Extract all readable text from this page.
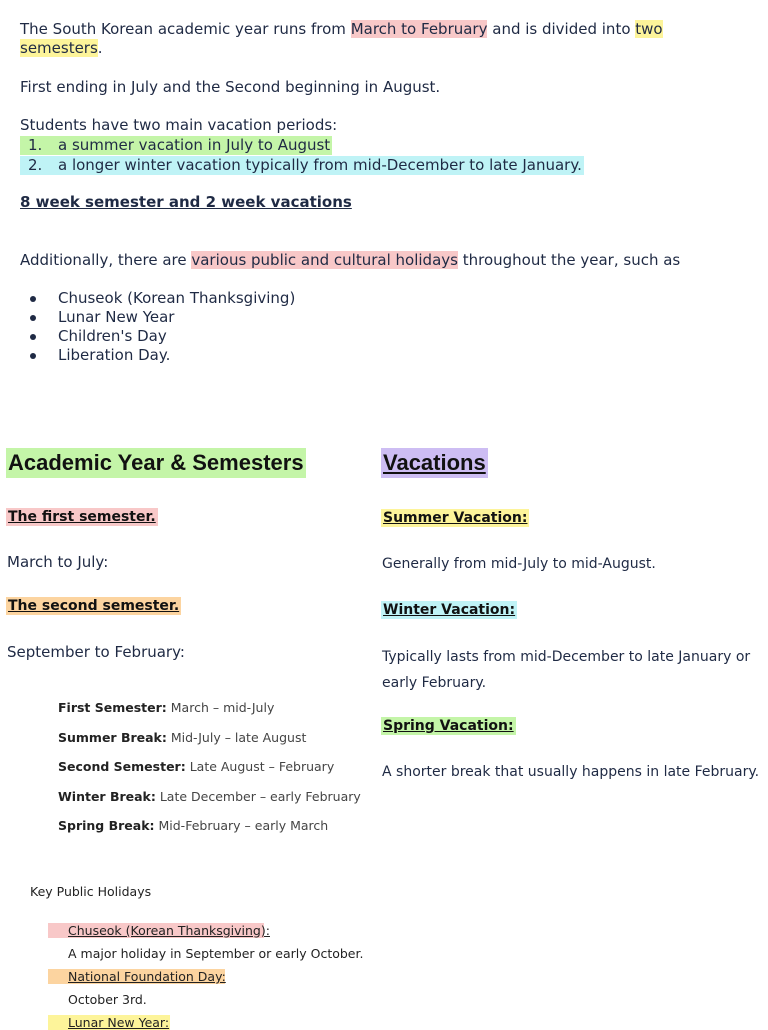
The South Korean academic year runs from March to February and is divided into two
semesters.
First ending in July and the Second beginning in August.
Students have two main vacation periods:
1. a summer vacation in July to August

2. a longer winter vacation typically from mid-December to late January.
8 week semester and 2 week vacations
Additionally, there are various public and cultural holidays throughout the year, such as
Chuseok (Korean Thanksgiving)
Lunar New Year
Children's Day
Liberation Day.
Academic Year & Semesters
The first semester.
March to July:
The second semester.
September to February:
First Semester: March – mid-July
Summer Break: Mid-July – late August
Second Semester: Late August – February
Winter Break: Late December – early February
Spring Break: Mid-February – early March
Vacations
Summer Vacation:
Generally from mid-July to mid-August.
Winter Vacation:
Typically lasts from mid-December to late January or
early February.
Spring Vacation:
A shorter break that usually happens in late February.
Key Public Holidays
Chuseok (Korean Thanksgiving):
A major holiday in September or early October.
National Foundation Day:
October 3rd.
Lunar New Year:
